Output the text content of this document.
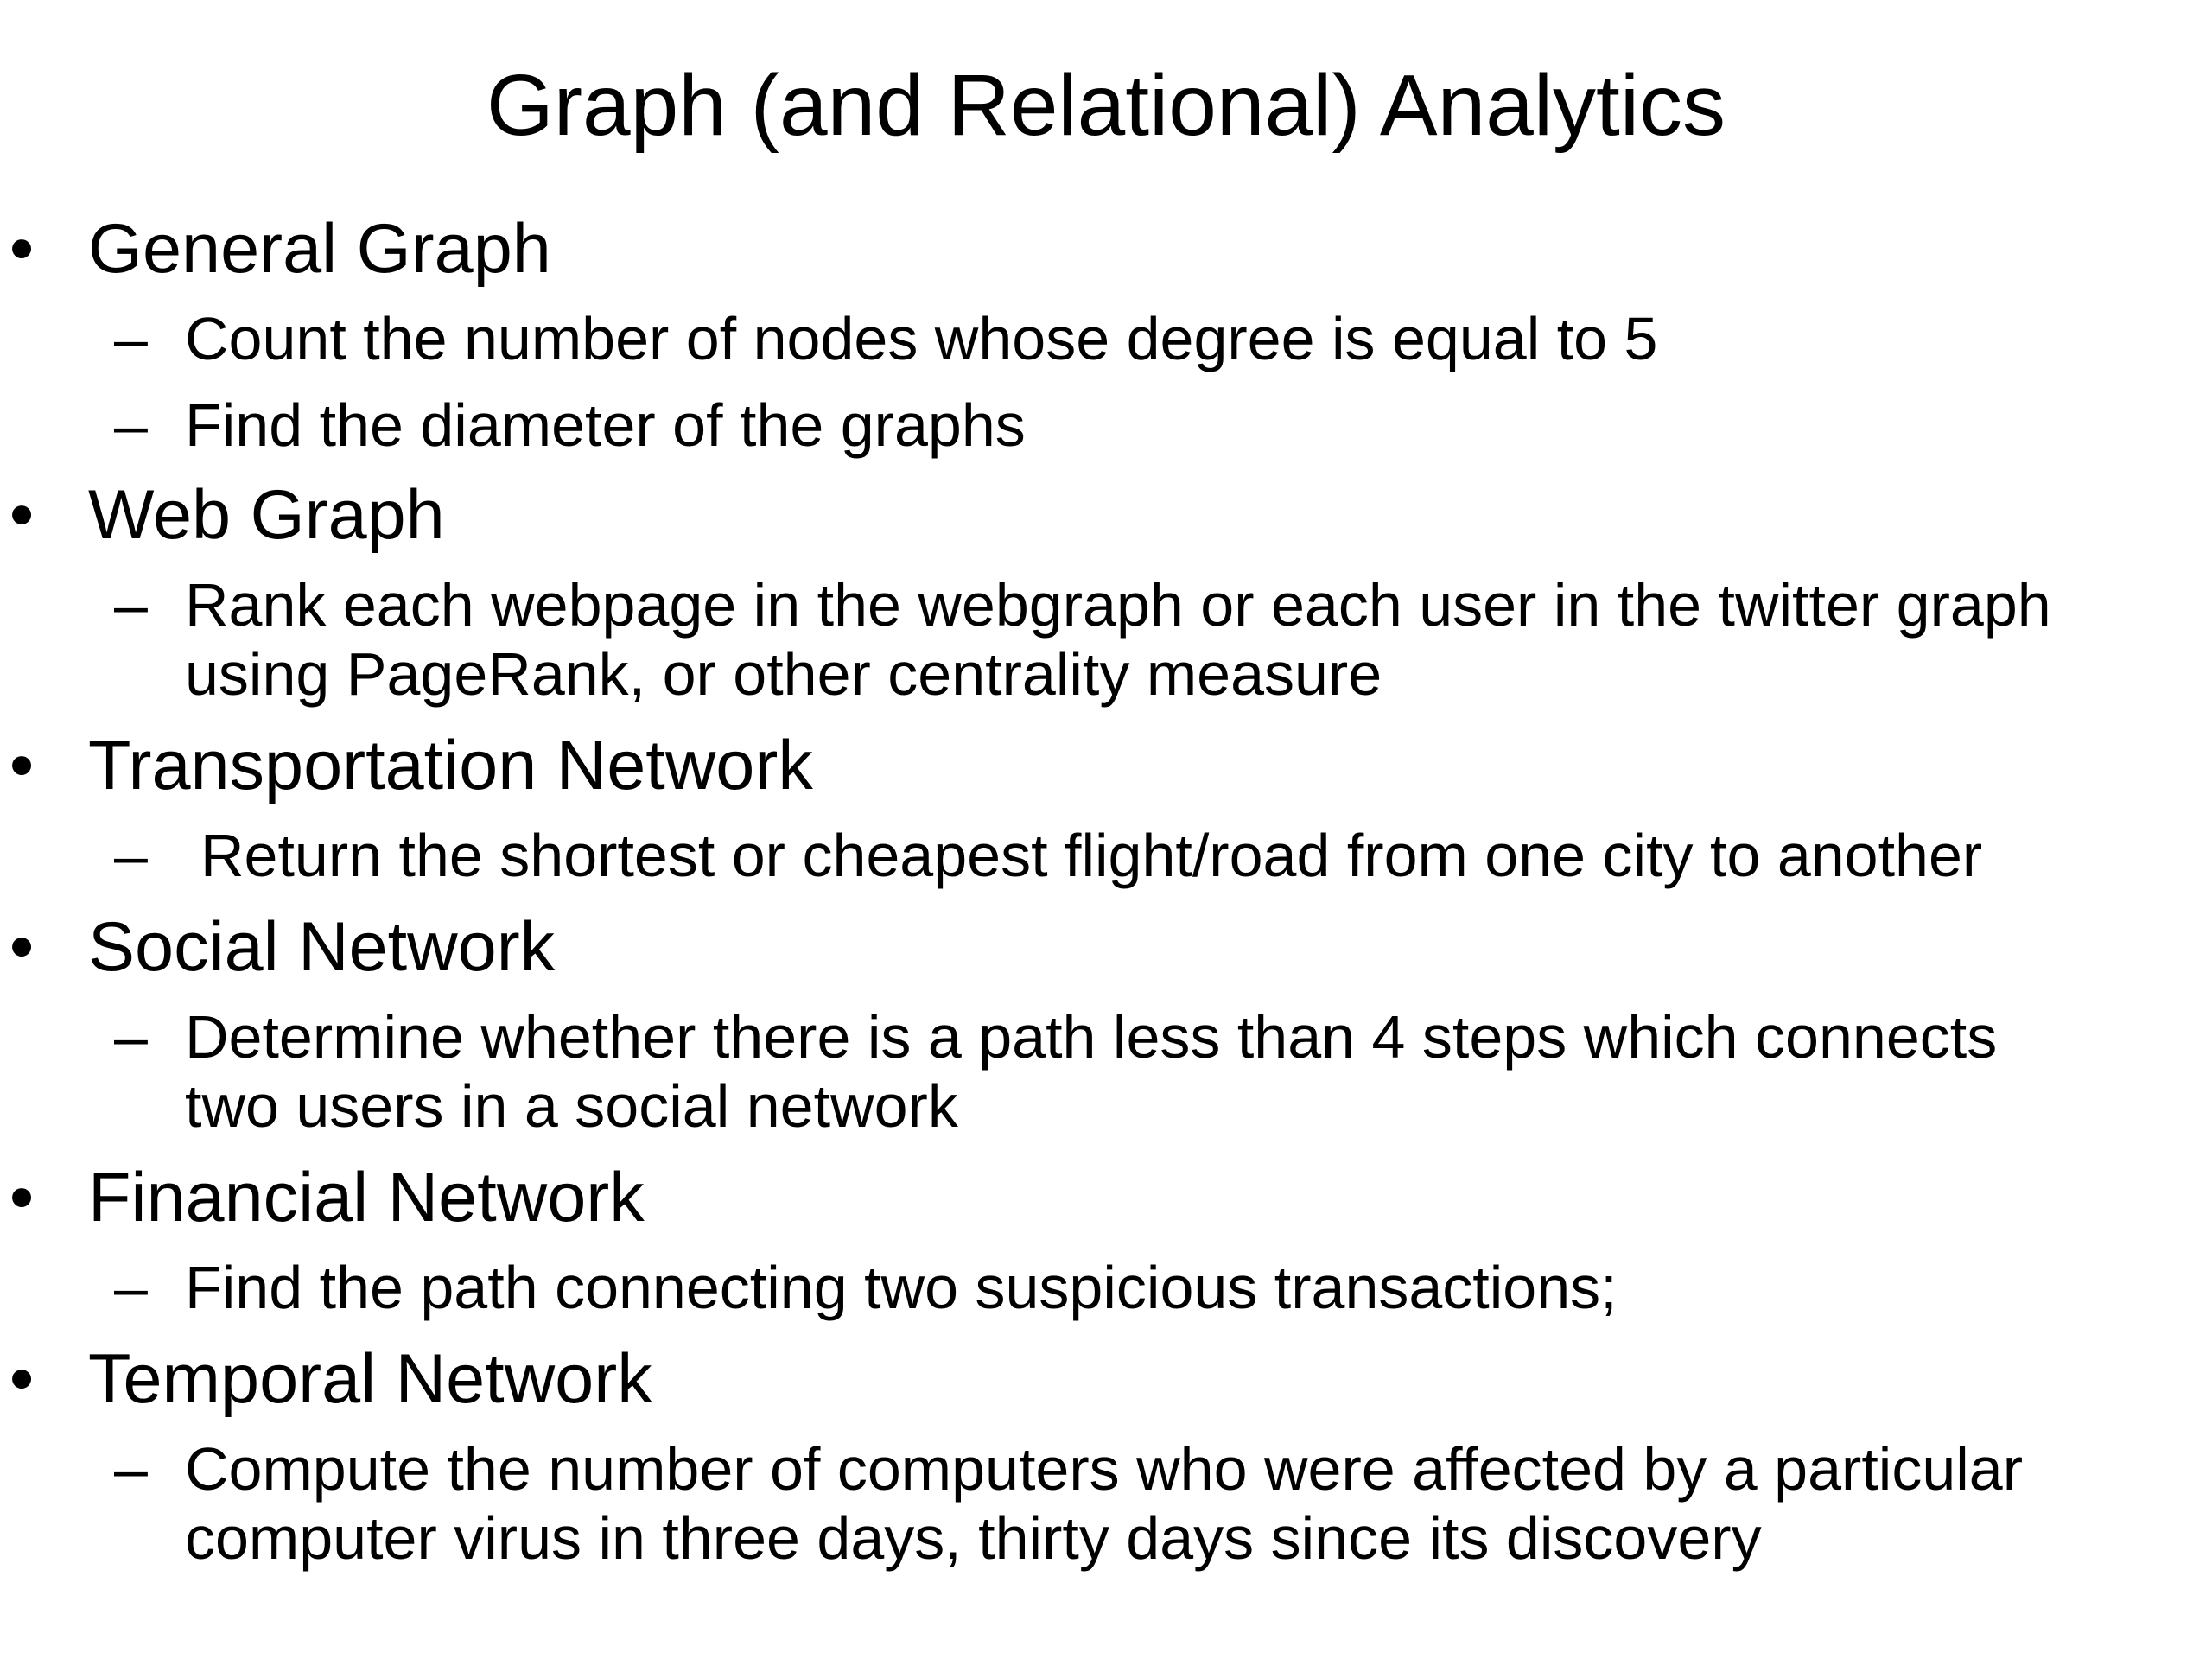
Graph (and Relational) Analytics
• General Graph
– Count the number of nodes whose degree is equal to 5
– Find the diameter of the graphs
• Web Graph
– Rank each webpage in the webgraph or each user in the twitter graph
using PageRank, or other centrality measure
• Transportation Network
– Return the shortest or cheapest flight/road from one city to another
• Social Network
– Determine whether there is a path less than 4 steps which connects
two users in a social network
• Financial Network
– Find the path connecting two suspicious transactions;
• Temporal Network
– Compute the number of computers who were affected by a particular
computer virus in three days, thirty days since its discovery
